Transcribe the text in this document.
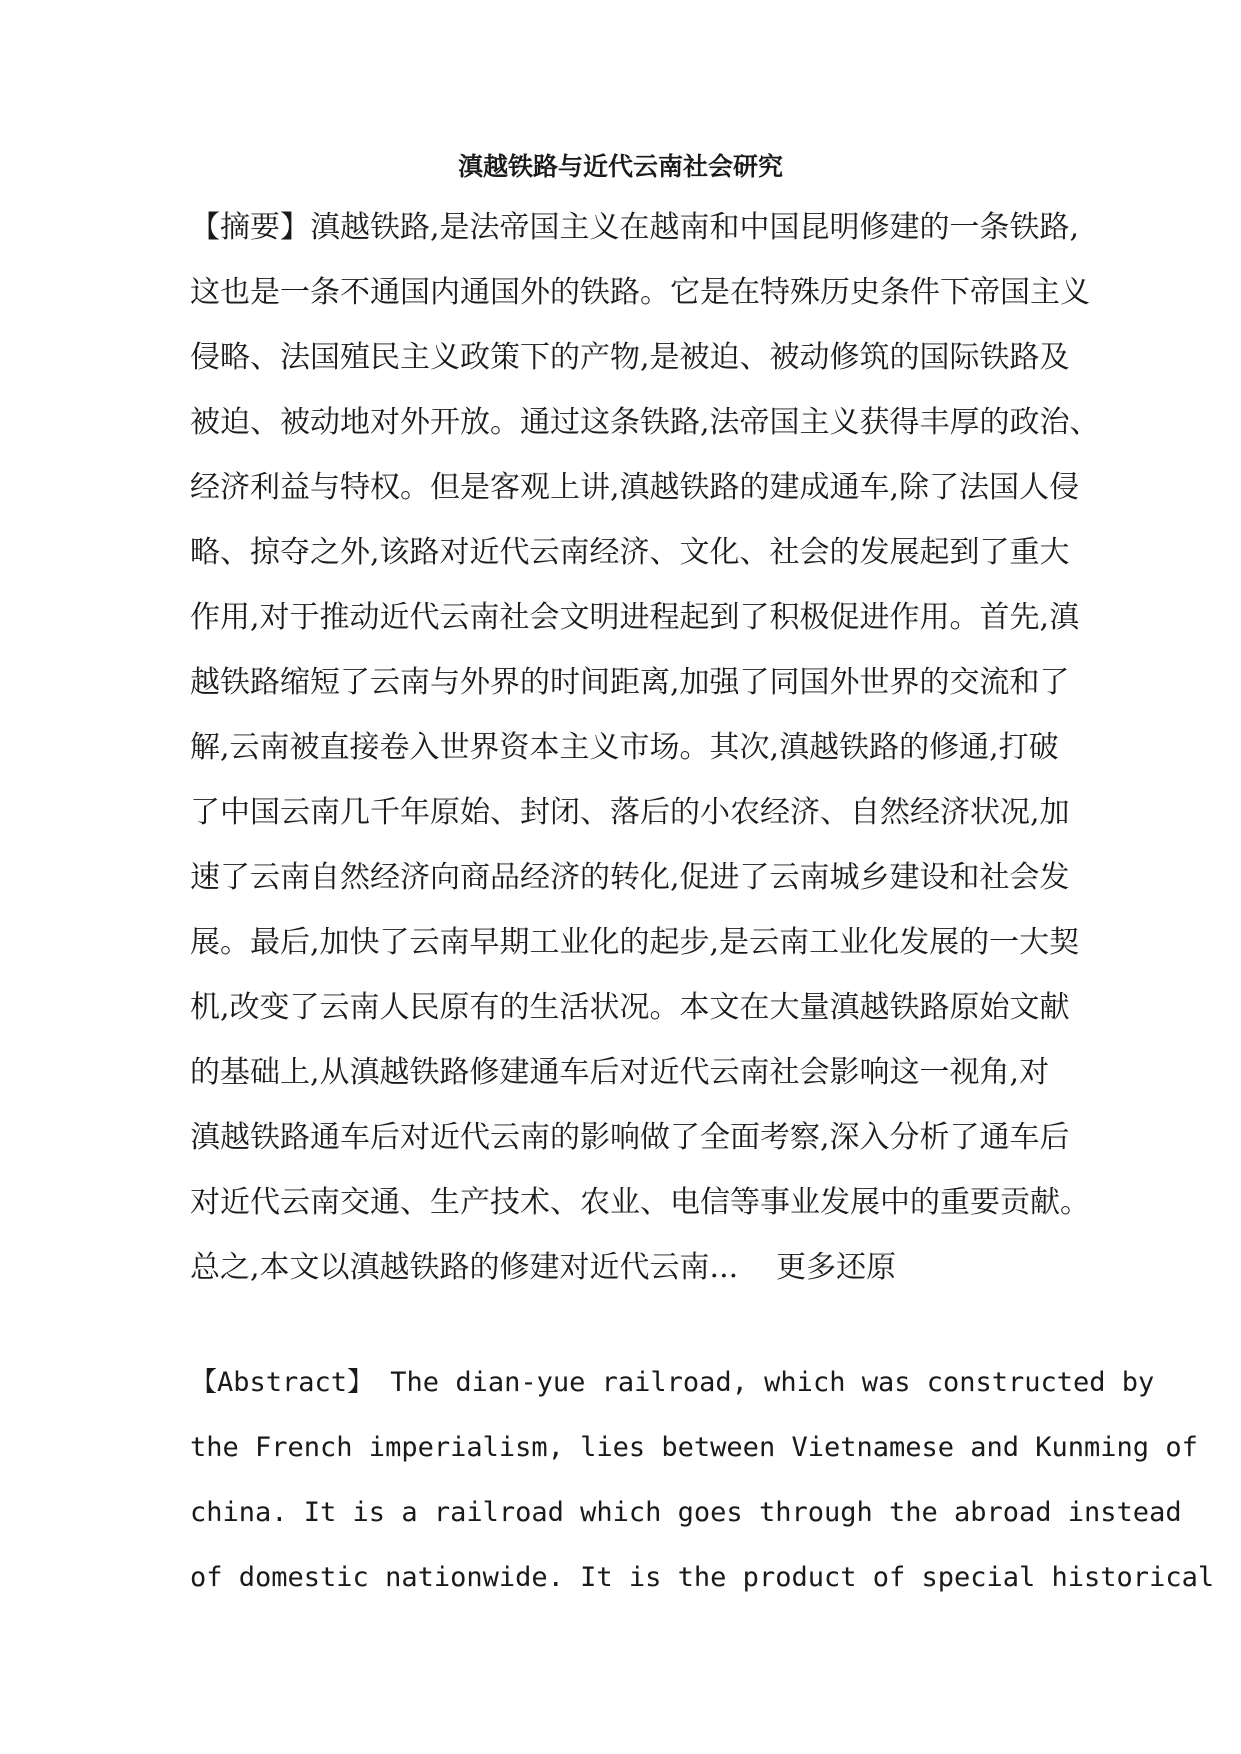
滇越铁路与近代云南社会研究
【摘要】滇越铁路,是法帝国主义在越南和中国昆明修建的一条铁路,
这也是一条不通国内通国外的铁路。它是在特殊历史条件下帝国主义
侵略、法国殖民主义政策下的产物,是被迫、被动修筑的国际铁路及
被迫、被动地对外开放。通过这条铁路,法帝国主义获得丰厚的政治、
经济利益与特权。但是客观上讲,滇越铁路的建成通车,除了法国人侵
略、掠夺之外,该路对近代云南经济、文化、社会的发展起到了重大
作用,对于推动近代云南社会文明进程起到了积极促进作用。首先,滇
越铁路缩短了云南与外界的时间距离,加强了同国外世界的交流和了
解,云南被直接卷入世界资本主义市场。其次,滇越铁路的修通,打破
了中国云南几千年原始、封闭、落后的小农经济、自然经济状况,加
速了云南自然经济向商品经济的转化,促进了云南城乡建设和社会发
展。最后,加快了云南早期工业化的起步,是云南工业化发展的一大契
机,改变了云南人民原有的生活状况。本文在大量滇越铁路原始文献
的基础上,从滇越铁路修建通车后对近代云南社会影响这一视角,对
滇越铁路通车后对近代云南的影响做了全面考察,深入分析了通车后
对近代云南交通、生产技术、农业、电信等事业发展中的重要贡献。
总之,本文以滇越铁路的修建对近代云南... 更多还原
【Abstract】 The dian-yue railroad, which was constructed by
the French imperialism, lies between Vietnamese and Kunming of
china. It is a railroad which goes through the abroad instead
of domestic nationwide. It is the product of special historical
